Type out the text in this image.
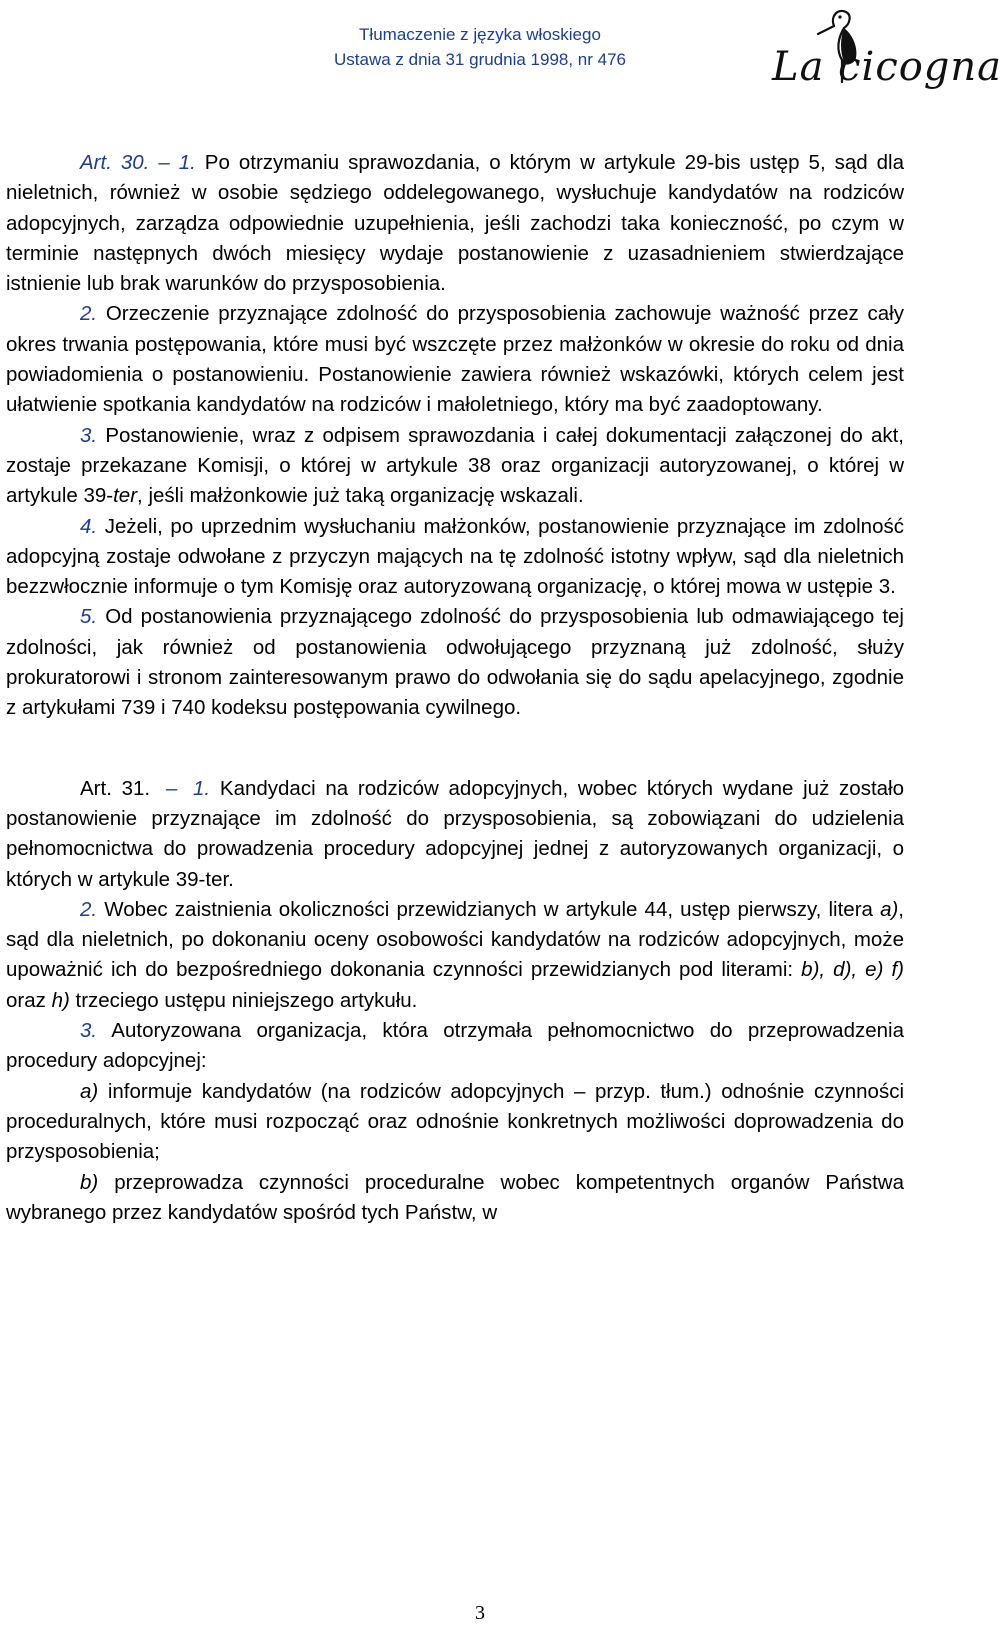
Tłumaczenie z języka włoskiego
Ustawa z dnia 31 grudnia 1998, nr 476	La cicogna

Art. 30. – 1. Po otrzymaniu sprawozdania, o którym w artykule 29-bis ustęp 5, sąd dla nieletnich, również w osobie sędziego oddelegowanego, wysłuchuje kandydatów na rodziców adopcyjnych, zarządza odpowiednie uzupełnienia, jeśli zachodzi taka konieczność, po czym w terminie następnych dwóch miesięcy wydaje postanowienie z uzasadnieniem stwierdzające istnienie lub brak warunków do przysposobienia.

2. Orzeczenie przyznające zdolność do przysposobienia zachowuje ważność przez cały okres trwania postępowania, które musi być wszczęte przez małżonków w okresie do roku od dnia powiadomienia o postanowieniu. Postanowienie zawiera również wskazówki, których celem jest ułatwienie spotkania kandydatów na rodziców i małoletniego, który ma być zaadoptowany.

3. Postanowienie, wraz z odpisem sprawozdania i całej dokumentacji załączonej do akt, zostaje przekazane Komisji, o której w artykule 38 oraz organizacji autoryzowanej, o której w artykule 39-ter, jeśli małżonkowie już taką organizację wskazali.

4. Jeżeli, po uprzednim wysłuchaniu małżonków, postanowienie przyznające im zdolność adopcyjną zostaje odwołane z przyczyn mających na tę zdolność istotny wpływ, sąd dla nieletnich bezzwłocznie informuje o tym Komisję oraz autoryzowaną organizację, o której mowa w ustępie 3.

5. Od postanowienia przyznającego zdolność do przysposobienia lub odmawiającego tej zdolności, jak również od postanowienia odwołującego przyznaną już zdolność, służy prokuratorowi i stronom zainteresowanym prawo do odwołania się do sądu apelacyjnego, zgodnie z artykułami 739 i 740 kodeksu postępowania cywilnego.

Art. 31. – 1. Kandydaci na rodziców adopcyjnych, wobec których wydane już zostało postanowienie przyznające im zdolność do przysposobienia, są zobowiązani do udzielenia pełnomocnictwa do prowadzenia procedury adopcyjnej jednej z autoryzowanych organizacji, o których w artykule 39-ter.

2. Wobec zaistnienia okoliczności przewidzianych w artykule 44, ustęp pierwszy, litera a), sąd dla nieletnich, po dokonaniu oceny osobowości kandydatów na rodziców adopcyjnych, może upoważnić ich do bezpośredniego dokonania czynności przewidzianych pod literami: b), d), e) f) oraz h) trzeciego ustępu niniejszego artykułu.

3. Autoryzowana organizacja, która otrzymała pełnomocnictwo do przeprowadzenia procedury adopcyjnej:

a) informuje kandydatów (na rodziców adopcyjnych – przyp. tłum.) odnośnie czynności proceduralnych, które musi rozpocząć oraz odnośnie konkretnych możliwości doprowadzenia do przysposobienia;

b) przeprowadza czynności proceduralne wobec kompetentnych organów Państwa wybranego przez kandydatów spośród tych Państw, w

3
